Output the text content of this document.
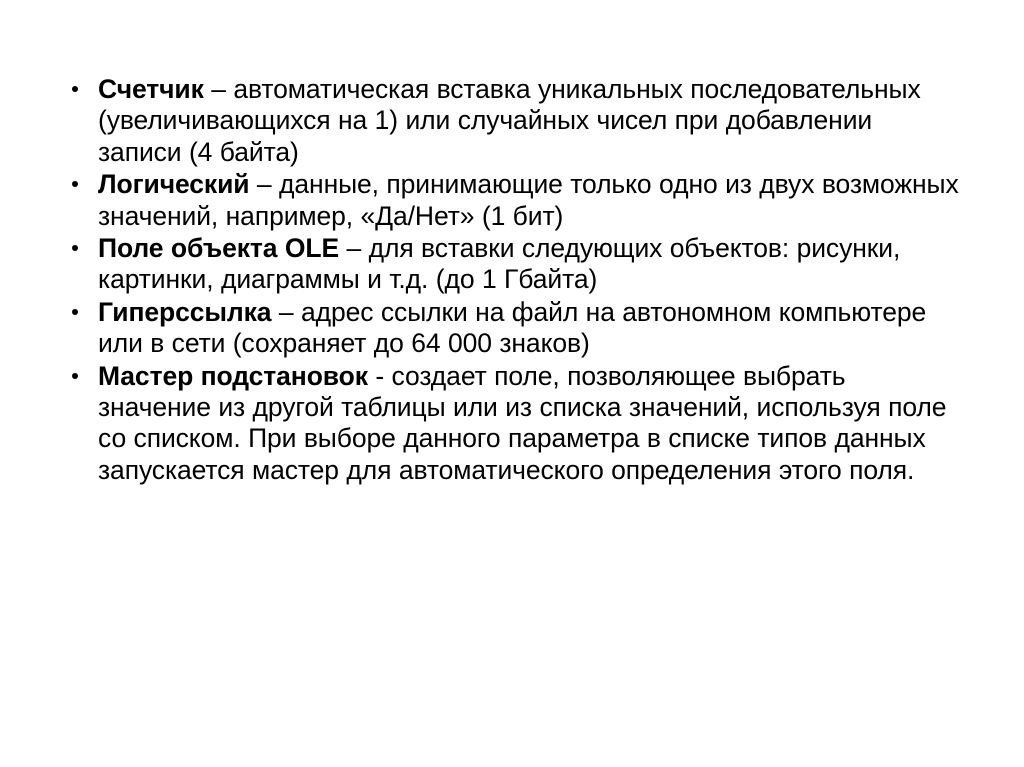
Счетчик – автоматическая вставка уникальных последовательных (увеличивающихся на 1) или случайных чисел при добавлении записи (4 байта)
Логический – данные, принимающие только одно из двух возможных значений, например, «Да/Нет» (1 бит)
Поле объекта OLE – для вставки следующих объектов: рисунки, картинки, диаграммы и т.д. (до 1 Гбайта)
Гиперссылка – адрес ссылки на файл на автономном компьютере или в сети (сохраняет до 64 000 знаков)
Мастер подстановок - создает поле, позволяющее выбрать значение из другой таблицы или из списка значений, используя поле со списком. При выборе данного параметра в списке типов данных запускается мастер для автоматического определения этого поля.
